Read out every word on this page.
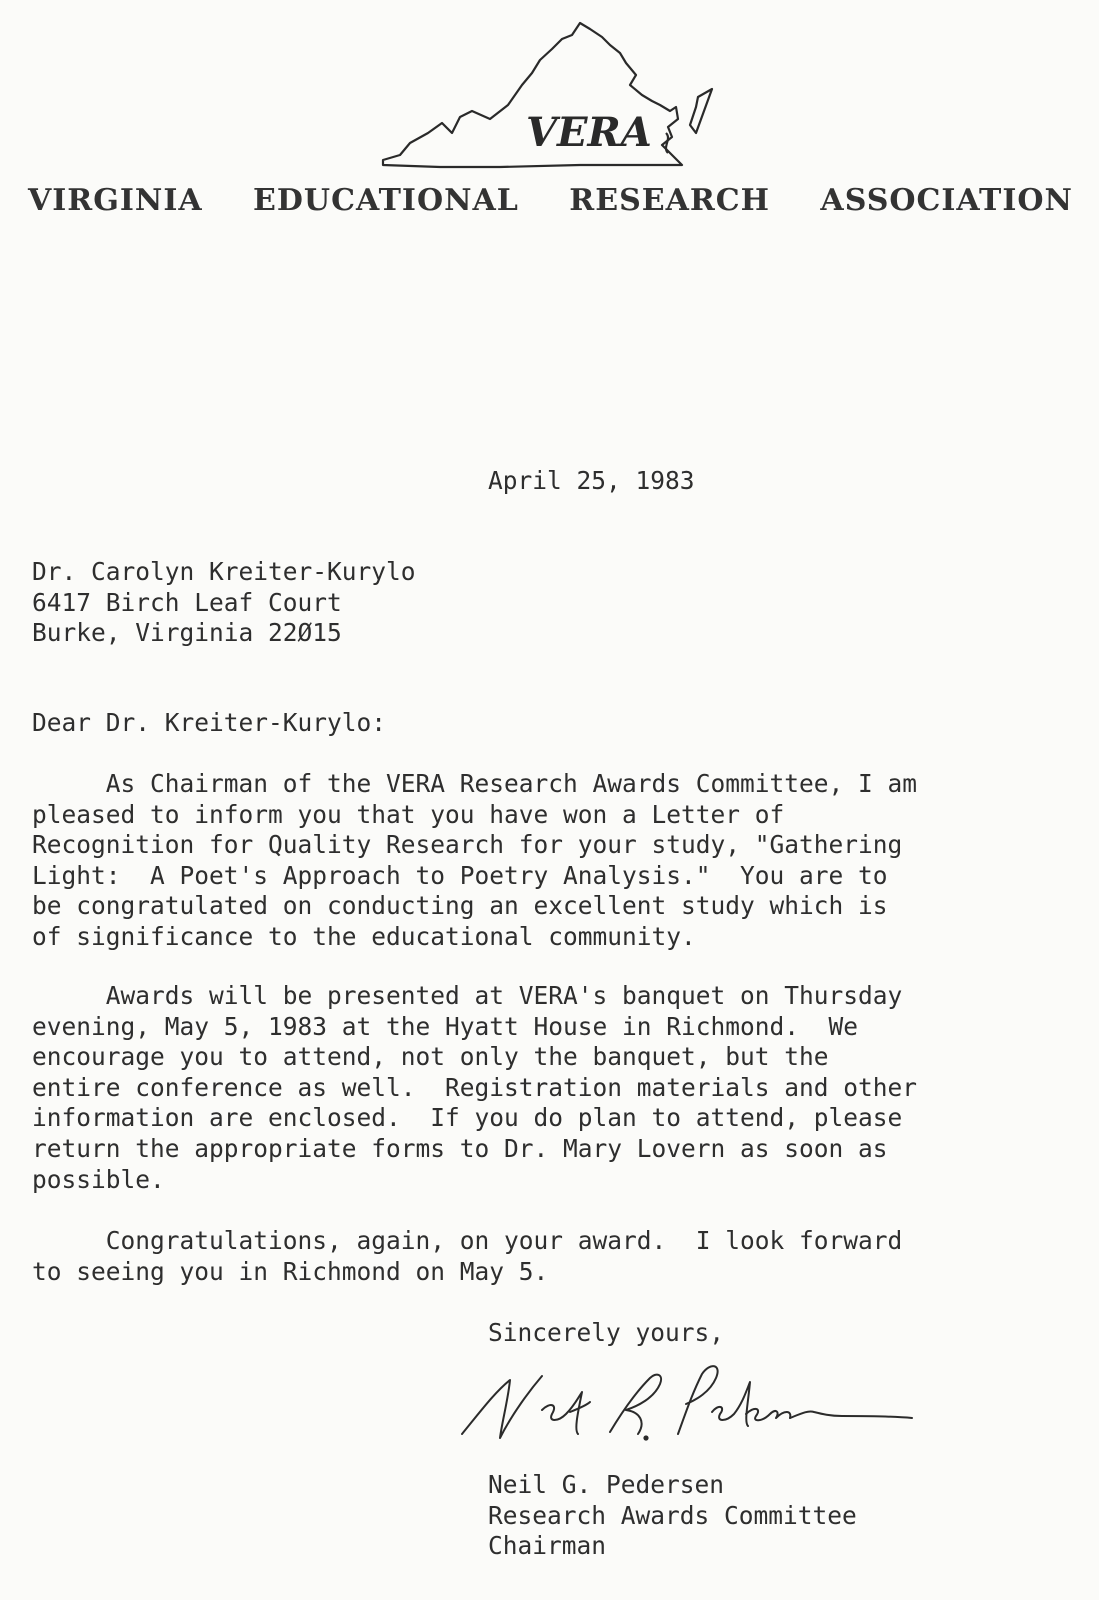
VERA
VIRGINIA EDUCATIONAL RESEARCH ASSOCIATION
April 25, 1983
Dr. Carolyn Kreiter-Kurylo
6417 Birch Leaf Court
Burke, Virginia 22Ø15
Dear Dr. Kreiter-Kurylo:
As Chairman of the VERA Research Awards Committee, I am
pleased to inform you that you have won a Letter of
Recognition for Quality Research for your study, "Gathering
Light:  A Poet's Approach to Poetry Analysis."  You are to
be congratulated on conducting an excellent study which is
of significance to the educational community.
Awards will be presented at VERA's banquet on Thursday
evening, May 5, 1983 at the Hyatt House in Richmond.  We
encourage you to attend, not only the banquet, but the
entire conference as well.  Registration materials and other
information are enclosed.  If you do plan to attend, please
return the appropriate forms to Dr. Mary Lovern as soon as
possible.
Congratulations, again, on your award.  I look forward
to seeing you in Richmond on May 5.
Sincerely yours,
Neil G. Pedersen
Research Awards Committee
Chairman
